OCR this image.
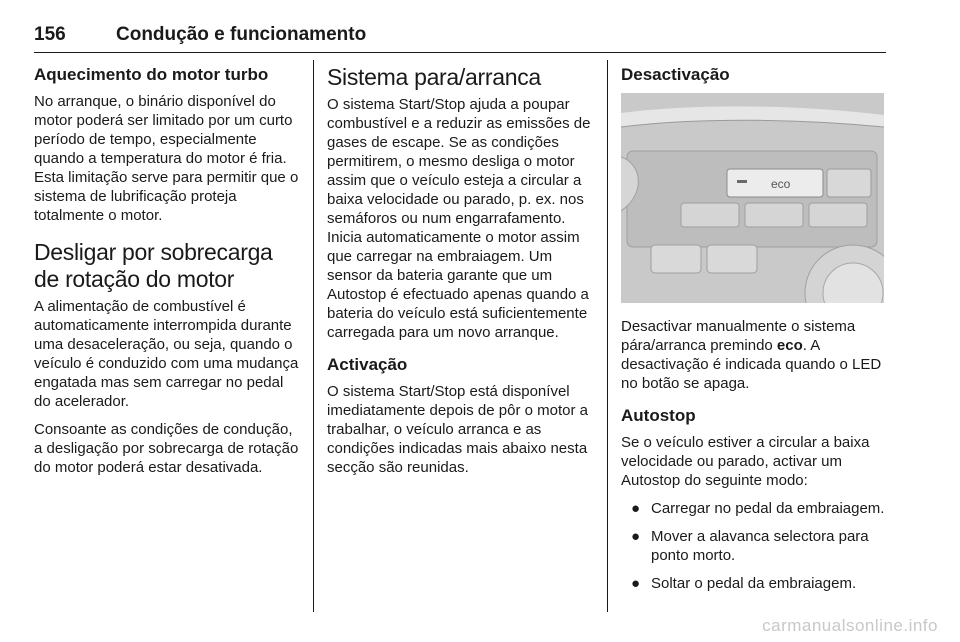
156	Condução e funcionamento
Aquecimento do motor turbo

No arranque, o binário disponível do motor poderá ser limitado por um curto período de tempo, especialmente quando a temperatura do motor é fria. Esta limitação serve para permitir que o sistema de lubrificação proteja totalmente o motor.

Desligar por sobrecarga de rotação do motor

A alimentação de combustível é automaticamente interrompida durante uma desaceleração, ou seja, quando o veículo é conduzido com uma mudança engatada mas sem carregar no pedal do acelerador.

Consoante as condições de condução, a desligação por sobrecarga de rotação do motor poderá estar desativada.

Sistema para/arranca

O sistema Start/Stop ajuda a poupar combustível e a reduzir as emissões de gases de escape. Se as condições permitirem, o mesmo desliga o motor assim que o veículo esteja a circular a baixa velocidade ou parado, p. ex. nos semáforos ou num engarrafamento. Inicia automaticamente o motor assim que carregar na embraiagem. Um sensor da bateria garante que um Autostop é efectuado apenas quando a bateria do veículo está suficientemente carregada para um novo arranque.

Activação

O sistema Start/Stop está disponível imediatamente depois de pôr o motor a trabalhar, o veículo arranca e as condições indicadas mais abaixo nesta secção são reunidas.

Desactivação
eco

Desactivar manualmente o sistema pára/arranca premindo eco. A desactivação é indicada quando o LED no botão se apaga.

Autostop

Se o veículo estiver a circular a baixa velocidade ou parado, activar um Autostop do seguinte modo:

● Carregar no pedal da embraiagem.
● Mover a alavanca selectora para ponto morto.
● Soltar o pedal da embraiagem.
carmanualsonline.info
